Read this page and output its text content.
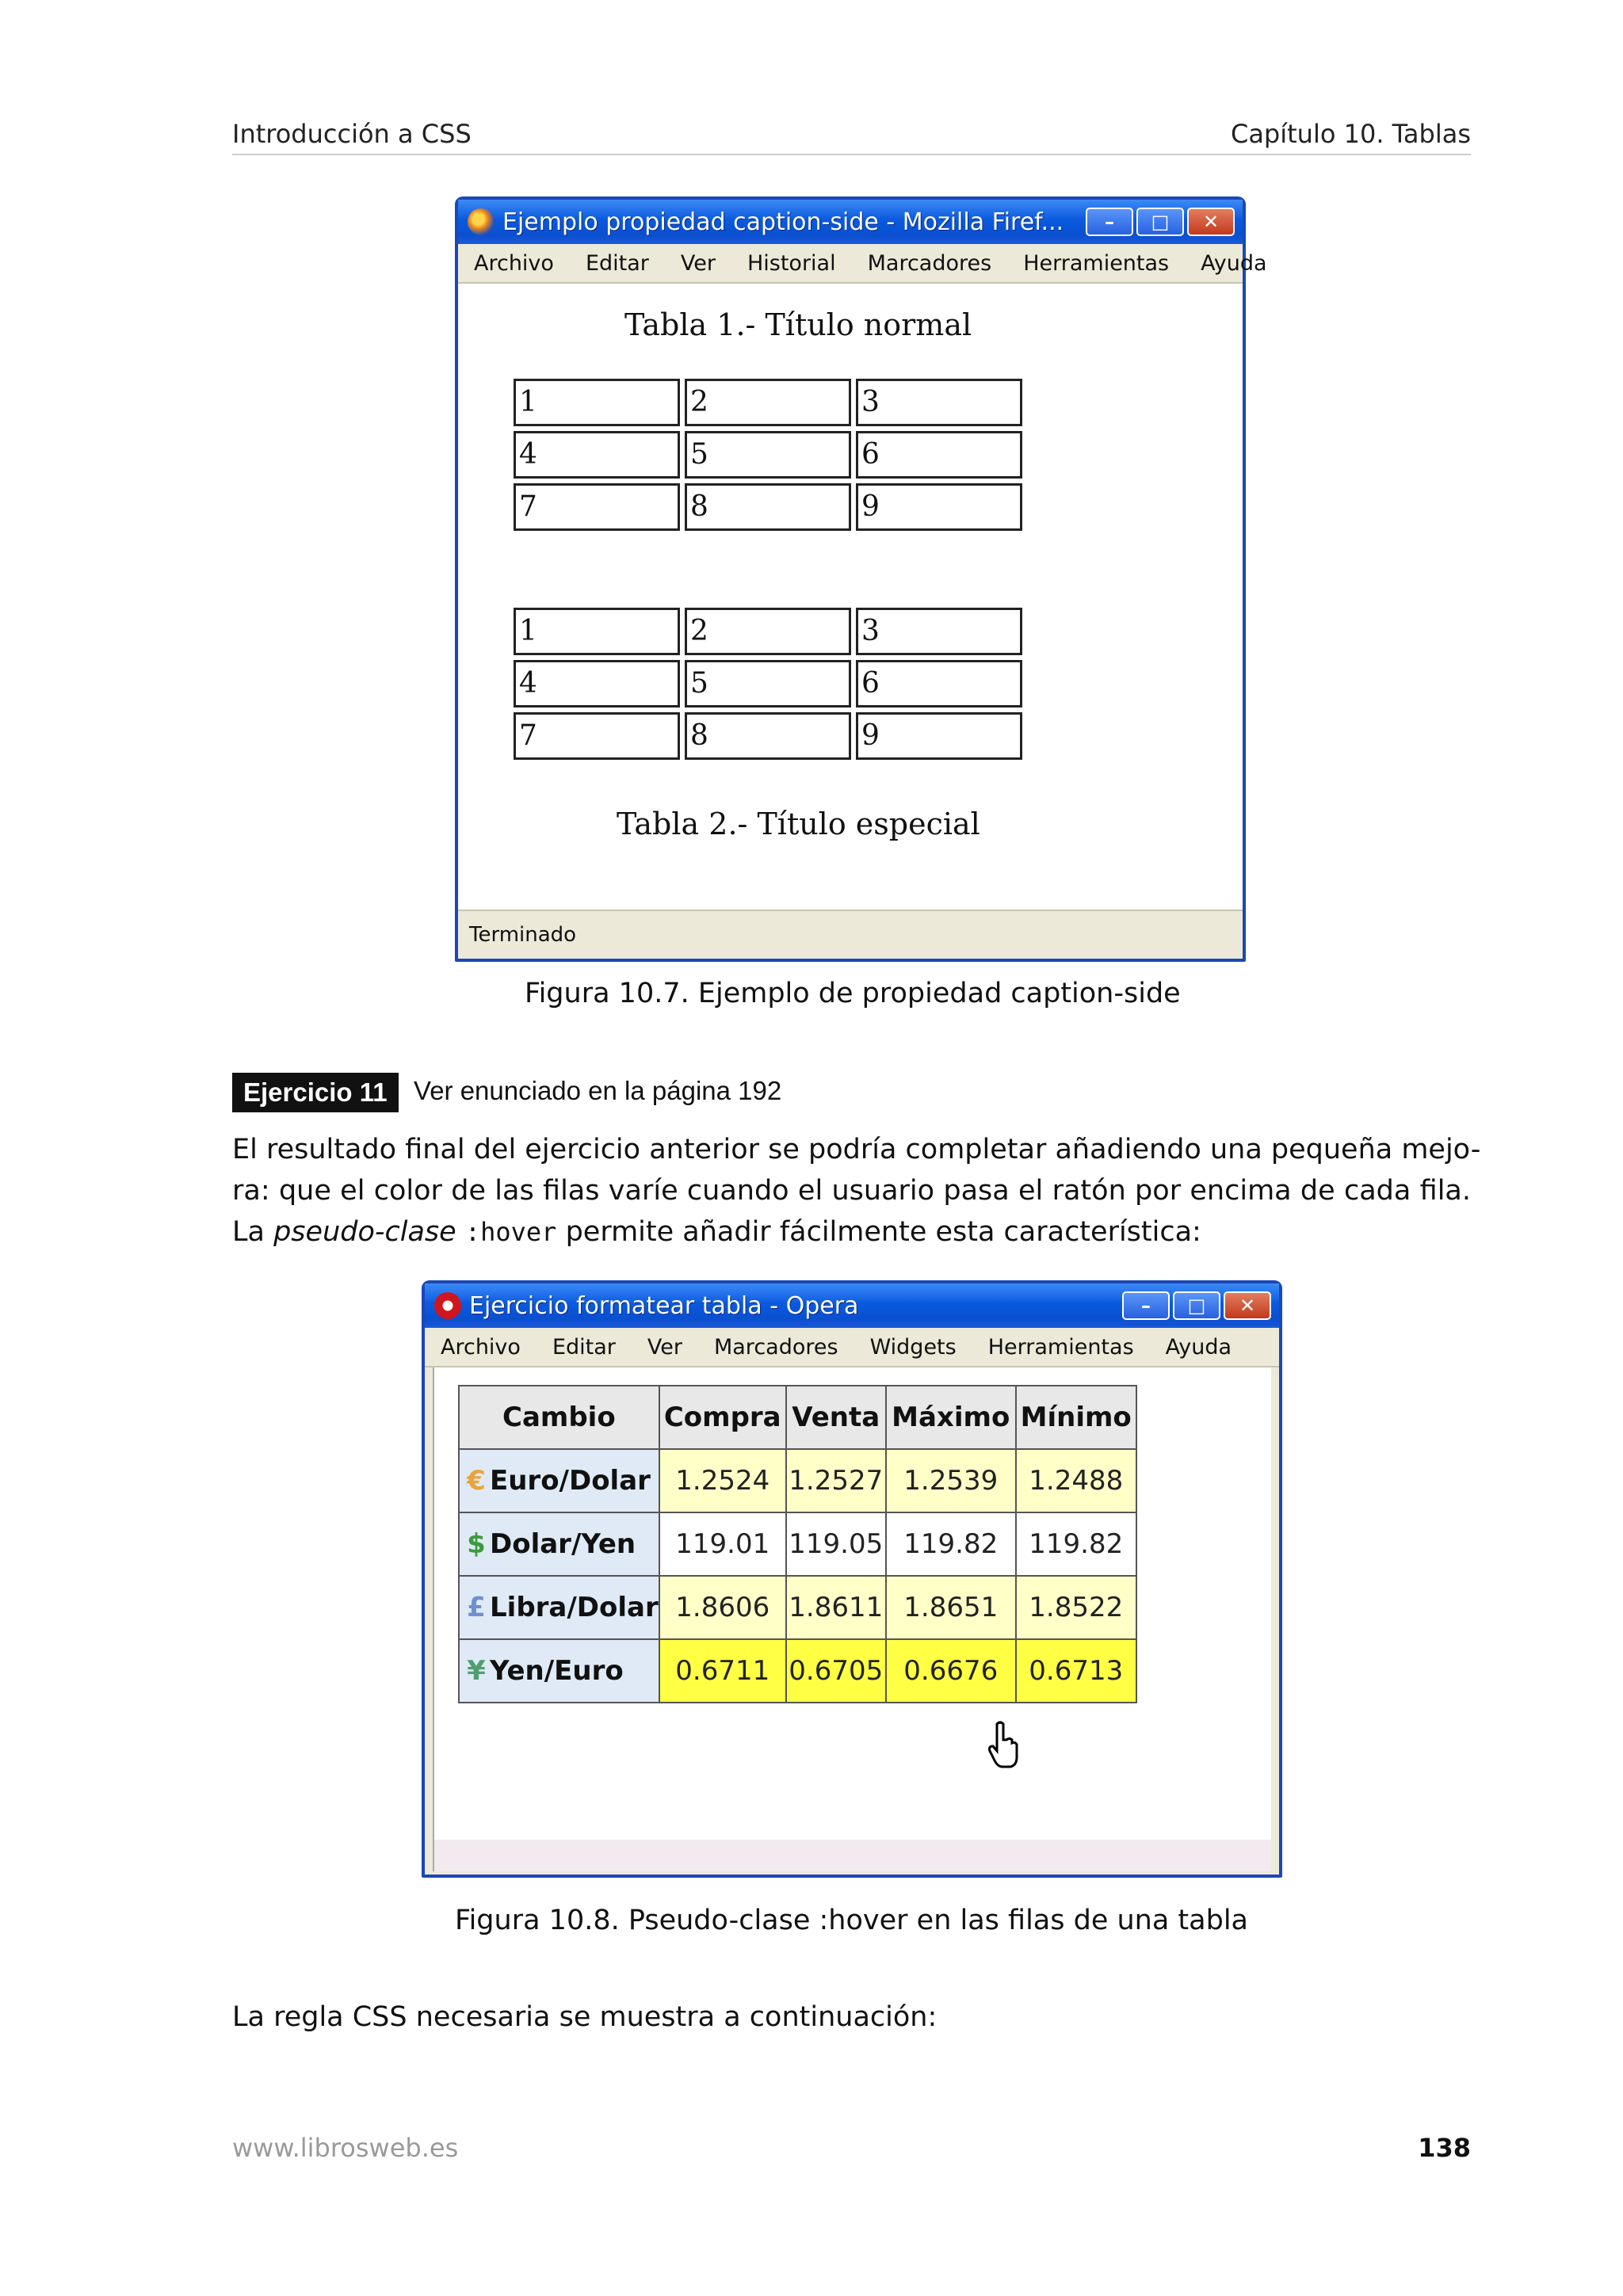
Introducción a CSS	Capítulo 10. Tablas
Ejemplo propiedad caption-side - Mozilla Firef...	–	□	✕
Archivo Editar Ver Historial Marcadores Herramientas Ayuda
Tabla 1.- Título normal
1	2	3
4	5	6
7	8	9
1	2	3
4	5	6
7	8	9
Tabla 2.- Título especial
Terminado
Figura 10.7. Ejemplo de propiedad caption-side
Ejercicio 11	Ver enunciado en la página 192
El resultado final del ejercicio anterior se podría completar añadiendo una pequeña mejo-
ra: que el color de las filas varíe cuando el usuario pasa el ratón por encima de cada fila.
La pseudo-clase :hover permite añadir fácilmente esta característica:
Ejercicio formatear tabla - Opera	–	□	✕
Archivo Editar Ver Marcadores Widgets Herramientas Ayuda
Cambio	Compra	Venta	Máximo	Mínimo
€ Euro/Dolar	1.2524	1.2527	1.2539	1.2488
$ Dolar/Yen	119.01	119.05	119.82	119.82
£ Libra/Dolar	1.8606	1.8611	1.8651	1.8522
¥ Yen/Euro	0.6711	0.6705	0.6676	0.6713
Figura 10.8. Pseudo-clase :hover en las filas de una tabla
La regla CSS necesaria se muestra a continuación:
www.librosweb.es	138
